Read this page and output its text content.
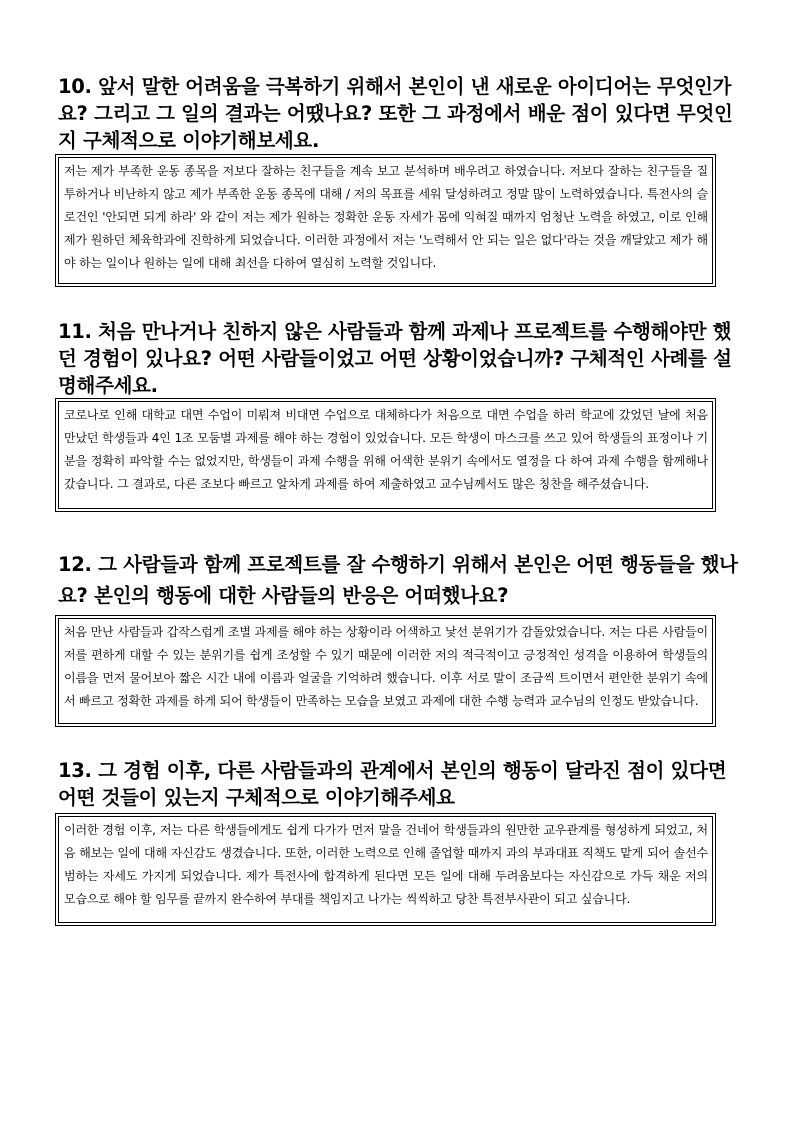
10. 앞서 말한 어려움을 극복하기 위해서 본인이 낸 새로운 아이디어는 무엇인가요? 그리고 그 일의 결과는 어땠나요? 또한 그 과정에서 배운 점이 있다면 무엇인지 구체적으로 이야기해보세요.
저는 제가 부족한 운동 종목을 저보다 잘하는 친구들을 계속 보고 분석하며 배우려고 하였습니다. 저보다 잘하는 친구들을 질투하거나 비난하지 않고 제가 부족한 운동 종목에 대해 / 저의 목표를 세워 달성하려고 정말 많이 노력하였습니다. 특전사의 슬로건인 '안되면 되게 하라' 와 같이 저는 제가 원하는 정확한 운동 자세가 몸에 익혀질 때까지 엄청난 노력을 하였고, 이로 인해 제가 원하던 체육학과에 진학하게 되었습니다. 이러한 과정에서 저는 '노력해서 안 되는 일은 없다'라는 것을 깨달았고 제가 해야 하는 일이나 원하는 일에 대해 최선을 다하여 열심히 노력할 것입니다.
11. 처음 만나거나 친하지 않은 사람들과 함께 과제나 프로젝트를 수행해야만 했던 경험이 있나요? 어떤 사람들이었고 어떤 상황이었습니까? 구체적인 사례를 설명해주세요.
코로나로 인해 대학교 대면 수업이 미뤄져 비대면 수업으로 대체하다가 처음으로 대면 수업을 하러 학교에 갔었던 날에 처음 만났던 학생들과 4인 1조 모둠별 과제를 해야 하는 경험이 있었습니다. 모든 학생이 마스크를 쓰고 있어 학생들의 표정이나 기분을 정확히 파악할 수는 없었지만, 학생들이 과제 수행을 위해 어색한 분위기 속에서도 열정을 다 하여 과제 수행을 함께해나갔습니다. 그 결과로, 다른 조보다 빠르고 알차게 과제를 하여 제출하였고 교수님께서도 많은 칭찬을 해주셨습니다.
12. 그 사람들과 함께 프로젝트를 잘 수행하기 위해서 본인은 어떤 행동들을 했나요? 본인의 행동에 대한 사람들의 반응은 어떠했나요?
처음 만난 사람들과 갑작스럽게 조별 과제를 해야 하는 상황이라 어색하고 낯선 분위기가 감돌았었습니다. 저는 다른 사람들이 저를 편하게 대할 수 있는 분위기를 쉽게 조성할 수 있기 때문에 이러한 저의 적극적이고 긍정적인 성격을 이용하여 학생들의 이름을 먼저 물어보아 짧은 시간 내에 이름과 얼굴을 기억하려 했습니다. 이후 서로 말이 조금씩 트이면서 편안한 분위기 속에서 빠르고 정확한 과제를 하게 되어 학생들이 만족하는 모습을 보였고 과제에 대한 수행 능력과 교수님의 인정도 받았습니다.
13. 그 경험 이후, 다른 사람들과의 관계에서 본인의 행동이 달라진 점이 있다면 어떤 것들이 있는지 구체적으로 이야기해주세요
이러한 경험 이후, 저는 다른 학생들에게도 쉽게 다가가 먼저 말을 건네어 학생들과의 원만한 교우관계를 형성하게 되었고, 처음 해보는 일에 대해 자신감도 생겼습니다. 또한, 이러한 노력으로 인해 졸업할 때까지 과의 부과대표 직책도 맡게 되어 솔선수범하는 자세도 가지게 되었습니다. 제가 특전사에 합격하게 된다면 모든 일에 대해 두려움보다는 자신감으로 가득 채운 저의 모습으로 해야 할 임무를 끝까지 완수하여 부대를 책임지고 나가는 씩씩하고 당찬 특전부사관이 되고 싶습니다.
